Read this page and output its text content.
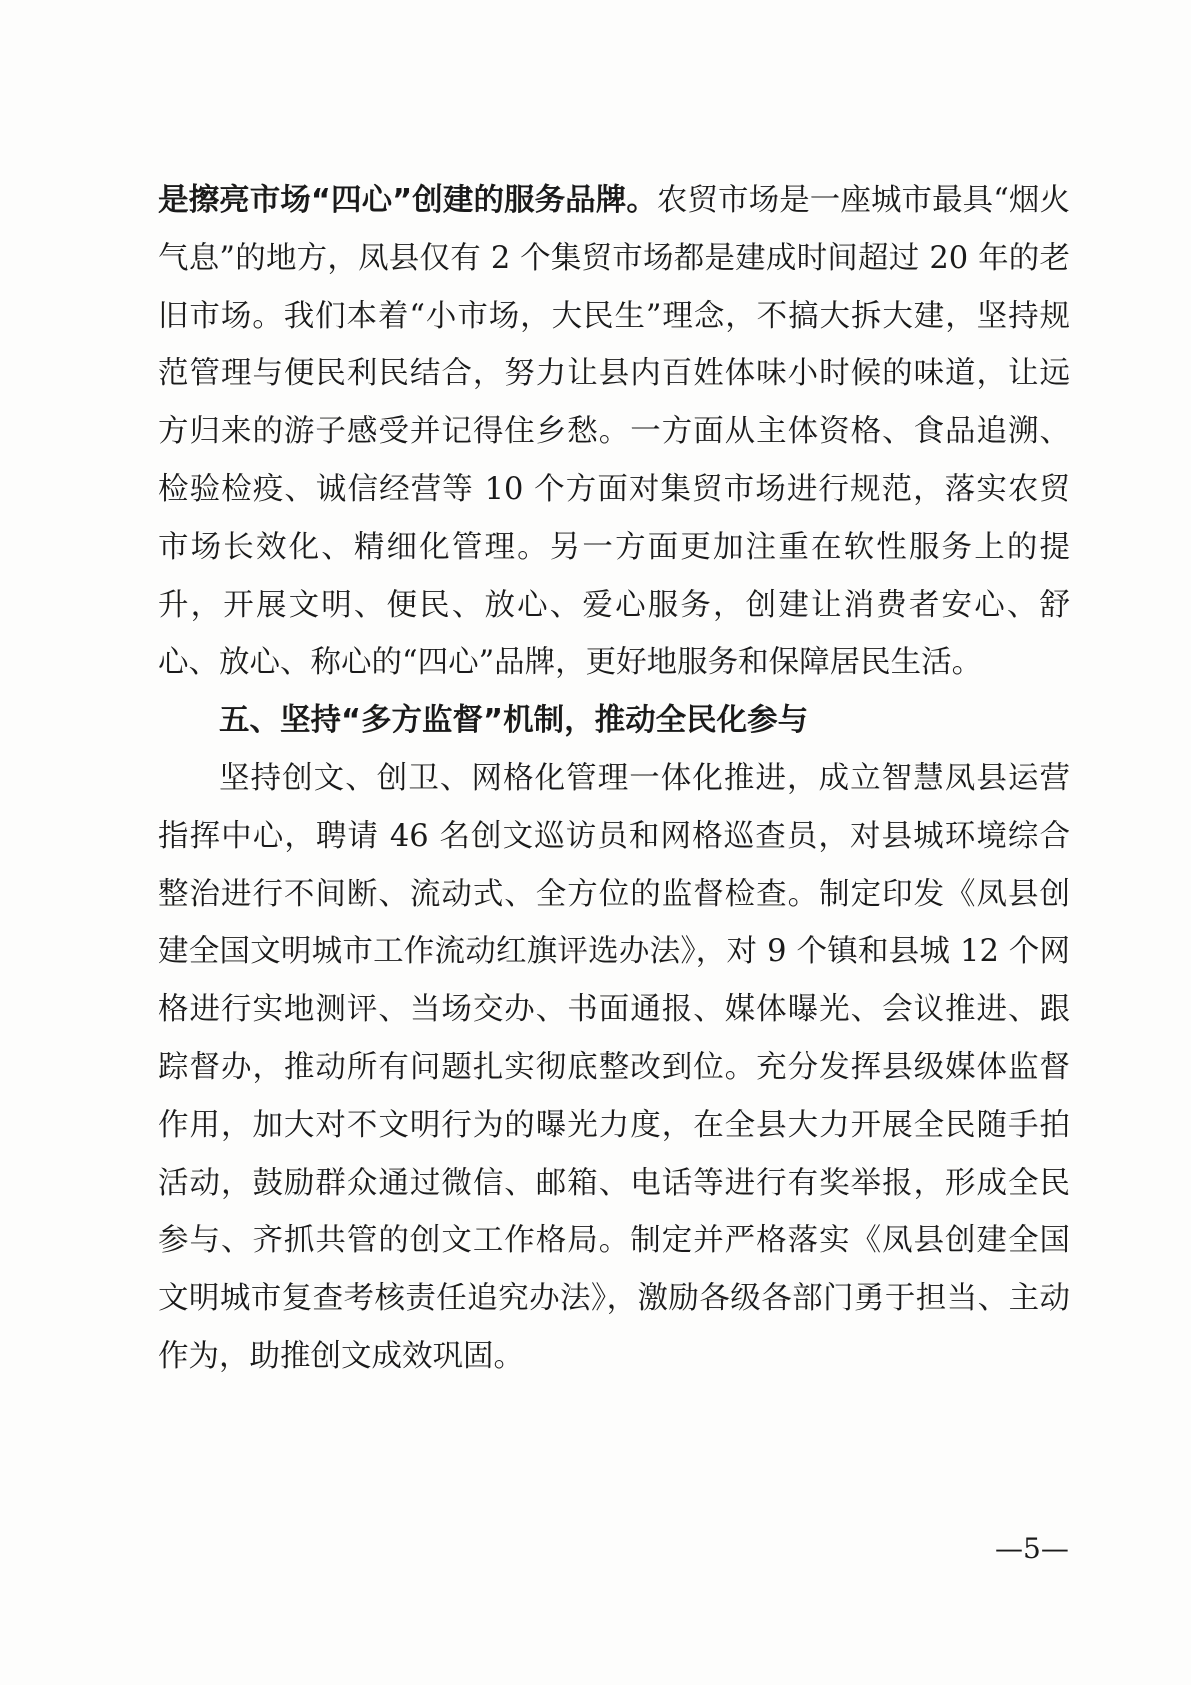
是擦亮市场“四心”创建的服务品牌。农贸市场是一座城市最具“烟火气息”的地方，凤县仅有 2 个集贸市场都是建成时间超过 20 年的老旧市场。我们本着“小市场，大民生”理念，不搞大拆大建，坚持规范管理与便民利民结合，努力让县内百姓体味小时候的味道，让远方归来的游子感受并记得住乡愁。一方面从主体资格、食品追溯、检验检疫、诚信经营等 10 个方面对集贸市场进行规范，落实农贸市场长效化、精细化管理。另一方面更加注重在软性服务上的提升，开展文明、便民、放心、爱心服务，创建让消费者安心、舒心、放心、称心的“四心”品牌，更好地服务和保障居民生活。

五、坚持“多方监督”机制，推动全民化参与

坚持创文、创卫、网格化管理一体化推进，成立智慧凤县运营指挥中心，聘请 46 名创文巡访员和网格巡查员，对县城环境综合整治进行不间断、流动式、全方位的监督检查。制定印发《凤县创建全国文明城市工作流动红旗评选办法》，对 9 个镇和县城 12 个网格进行实地测评、当场交办、书面通报、媒体曝光、会议推进、跟踪督办，推动所有问题扎实彻底整改到位。充分发挥县级媒体监督作用，加大对不文明行为的曝光力度，在全县大力开展全民随手拍活动，鼓励群众通过微信、邮箱、电话等进行有奖举报，形成全民参与、齐抓共管的创文工作格局。制定并严格落实《凤县创建全国文明城市复查考核责任追究办法》，激励各级各部门勇于担当、主动作为，助推创文成效巩固。

—5—
